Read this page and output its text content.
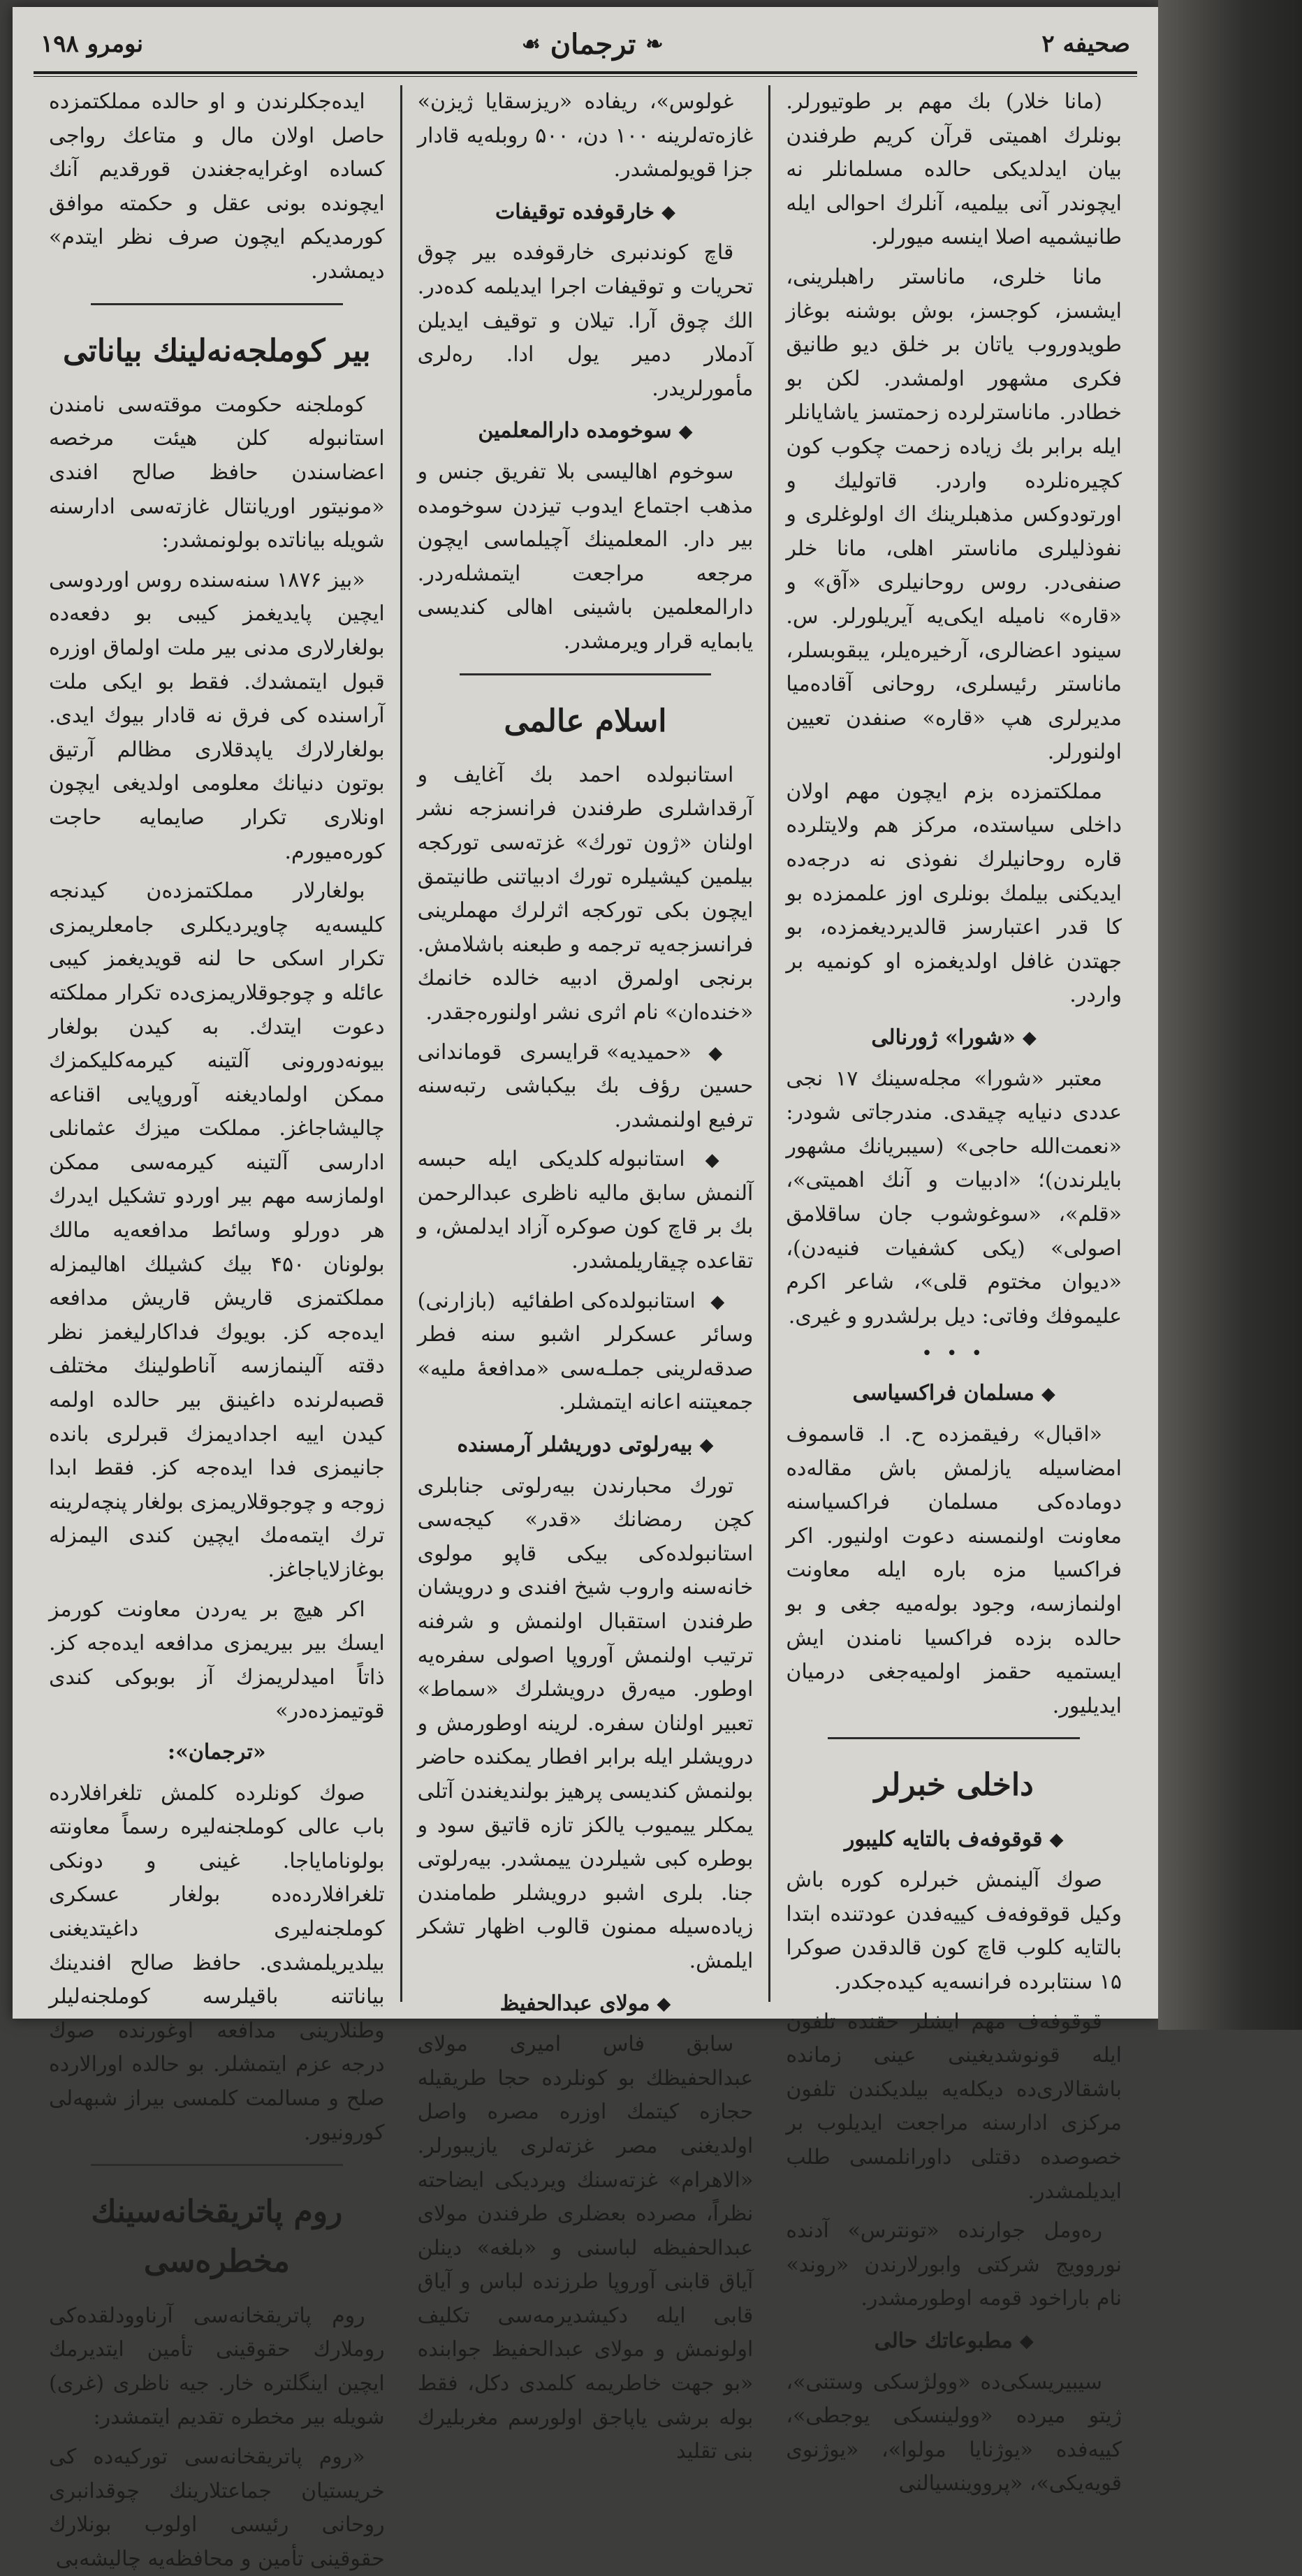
صحیفه ۲
❧
ترجمان
☙
نومرو ۱۹۸

(مانا خلار) بك مهم بر طوتیورلر. بونلرك اهمیتی قرآن کریم طرفندن بیان ایدلدیکی حالده مسلمانلر نه ایچوندر آنی بیلمیه، آنلرك احوالی ایله طانیشمیه اصلا اینسه میورلر.

مانا خلری، ماناستر راهبلرینی، ایشسز، کوجسز، بوش بوشنه بوغاز طویدوروب یاتان بر خلق دیو طانیق فکری مشهور اولمشدر. لکن بو خطادر. ماناسترلرده زحمتسز یاشایانلر ایله برابر بك زیاده زحمت چکوب کون کچیره‌نلرده واردر. قاتولیك و اورتودوکس مذهبلرینك اك اولوغلری و نفوذلیلری ماناستر اهلی، مانا خلر صنفی‌در. روس روحانیلری «آق» و «قاره» نامیله ایکی‌یه آیریلورلر. س. سینود اعضالری، آرخیره‌یلر، یبقوبسلر، ماناستر رئیسلری، روحانی آقاده‌میا مدیرلری هپ «قاره» صنفدن تعیین اولنورلر.

مملکتمزده بزم ایچون مهم اولان داخلی سیاستده، مرکز هم ولایتلرده قاره روحانیلرك نفوذی نه درجه‌ده ایدیکنی بیلمك بونلری اوز علممزده بو کا قدر اعتبارسز قالدیردیغمزده، بو جهتدن غافل اولدیغمزه او کونمیه بر واردر.

◆
«شورا» ژورنالی

معتبر «شورا» مجله‌سینك ۱۷ نجی عددی دنیایه چیقدی. مندرجاتی شودر: «نعمت‌الله حاجی» (سیبریانك مشهور بایلرندن)؛ «ادبیات و آنك اهمیتی»، «قلم»، «سوغوشوب جان ساقلامق اصولی» (یکی کشفیات فنیه‌دن)، «دیوان مختوم قلی»، شاعر اکرم علیموفك وفاتی: دیل برلشدرو و غیری.

• • •
◆
مسلمان فراکسیاسی

«اقبال» رفیقمزده ح. ا. قاسموف امضاسیله یازلمش باش مقاله‌ده دوماده‌کی مسلمان فراکسیاسنه معاونت اولنمسنه دعوت اولنیور. اکر فراکسیا مزه باره ایله معاونت اولنمازسه، وجود بوله‌میه جغی و بو حالده بزده فراکسیا نامندن ایش ایستمیه حقمز اولمیه‌جغی درمیان ایدیلیور.

داخلی خبرلر
◆
قوقوفه‌ف بالتایه کلیبور

صوك آلینمش خبرلره کوره باش وکیل قوقوفه‌ف کییه‌فدن عودتنده ابتدا بالتایه کلوب قاچ کون قالدقدن صوکرا ۱۵ سنتابرده فرانسه‌یه کیده‌جکدر.

قوقوفه‌ف مهم ایشلر حقنده تلفون ایله قونوشدیغینی عینی زمانده باشقالاری‌ده دیکله‌یه بیلدیکندن تلفون مرکزی ادارسنه مراجعت ایدیلوب بر خصوصده دقتلی داورانلمسی طلب ایدیلمشدر.

ره‌ومل جوارنده «تونترس» آدنده نوروویج شرکتی وابورلارندن «روند» نام باراخود قومه اوطورمشدر.

◆
مطبوعاتك حالی

سیبیریسکی‌ده «وولژسکی وستنی»، ژیتو میرده «وولینسکی یوجطی»، کییه‌فده «یوژنایا مولوا»، «یوژنوی قویه‌یکی»، «پرووینسیالنی

غولوس»، ریفاده «ریزسقایا ژیزن» غازه‌ته‌لرینه ۱۰۰ دن، ۵۰۰ روبله‌یه قادار جزا قویولمشدر.

◆
خارقوفده توقیفات

قاچ کوندنبری خارقوفده بیر چوق تحریات و توقیفات اجرا ایدیلمه کده‌در. الك چوق آرا. تیلان و توقیف ایدیلن آدملار دمیر یول ادا. ره‌لری مأمورلریدر.

◆
سوخومده دارالمعلمین

سوخوم اهالیسی بلا تفریق جنس و مذهب اجتماع ایدوب تیزدن سوخومده بیر دار. المعلمینك آچیلماسی ایچون مرجعه مراجعت ایتمشله‌ردر. دارالمعلمین باشینی اهالی کندیسی یابمایه قرار ویرمشدر.

اسلام عالمی

استانبولده احمد بك آغایف و آرقداشلری طرفندن فرانسزجه نشر اولنان «ژون تورك» غزته‌سی تورکجه بیلمین کیشیلره تورك ادبیاتنی طانیتمق ایچون بکی تورکجه اثرلرك مهملرینی فرانسزجه‌یه ترجمه و طبعنه باشلامش. برنجی اولمرق ادبیه خالده خانمك «خنده‌ان» نام اثری نشر اولنوره‌جقدر.

◆ «حمیدیه» قرایسری قوماندانی حسین رؤف بك بیکباشی رتبه‌سنه ترفیع اولنمشدر.

◆ استانبوله کلدیکی ایله حبسه آلنمش سابق مالیه ناظری عبدالرحمن بك بر قاچ کون صوکره آزاد ایدلمش، و تقاعده چیقاریلمشدر.

◆ استانبولده‌کی اطفائیه (بازارنی) وسائر عسکرلر اشبو سنه فطر صدقه‌لرینی جملـه‌سی «مدافعهٔ ملیه» جمعیتنه اعانه ایتمشلر.

◆
بیه‌رلوتی دوریشلر آرمسنده

تورك محبارندن بیه‌رلوتی جنابلری کچن رمضانك «قدر» کیجه‌سی استانبولده‌کی بیکی قاپو مولوی خانه‌سنه واروب شیخ افندی و درویشان طرفندن استقبال اولنمش و شرفنه ترتیب اولنمش آوروپا اصولی سفره‌یه اوطور. میه‌رق درویشلرك «سماط» تعبیر اولنان سفره. لرینه اوطورمش و درویشلر ایله برابر افطار یمکنده حاضر بولنمش کندیسی پرهیز بولندیغندن آتلی یمکلر ییمیوب یالکز تازه قاتیق سود و بوطره کبی شیلردن ییمشدر. بیه‌رلوتی جنا. بلری اشبو درویشلر طمامندن زیاده‌سیله ممنون قالوب اظهار تشکر ایلمش.

◆
مولای عبدالحفیظ

سابق فاس امیری مولای عبدالحفیظك بو کونلرده حجا طریقیله حجازه کیتمك اوزره مصره واصل اولدیغنی مصر غزته‌لری یازیبورلر. «الاهرام» غزته‌سنك ویردیکی ایضاحته نظراً، مصرده بعضلری طرفندن مولای عبدالحفیظه لباسنی و «بلغه» دینلن آیاق قابنی آوروپا طرزنده لباس و آیاق قابی ایله دکیشدیرمه‌سی تکلیف اولونمش و مولای عبدالحفیظ جوابنده «بو جهت خاطریمه کلمدی دکل، فقط بوله برشی یاپاجق اولورسم مغربلیرك بنی تقلید

ایده‌جکلرندن و او حالده مملکتمزده حاصل اولان مال و متاعك رواجی کساده اوغرایه‌جغندن قورقدیم آنك ایچونده بونی عقل و حکمته موافق کورمدیکم ایچون صرف نظر ایتدم» دیمشدر.

بیر کوملجه‌نه‌لینك بیاناتی

کوملجنه حکومت موقته‌سی نامندن استانبوله کلن هیئت مرخصه اعضاسندن حافظ صالح افندی «مونیتور اوریانتال غازته‌سی ادارسنه شویله بیاناتده بولونمشدر:

«بیز ۱۸۷۶ سنه‌سنده روس اوردوسی ایچین پایدیغمز کیبی بو دفعه‌ده بولغارلاری مدنی بیر ملت اولماق اوزره قبول ایتمشدك. فقط بو ایکی ملت آراسنده کی فرق نه قادار بیوك ایدی. بولغارلارك یاپدقلاری مظالم آرتیق بوتون دنیانك معلومی اولدیغی ایچون اونلاری تکرار صایمایه حاجت کوره‌میورم.

بولغارلار مملکتمزده‌ن کیدنجه کلیسه‌یه چاویردیکلری جامعلریمزی تکرار اسکی حا لنه قویدیغمز کیبی عائله و چوجوقلاریمزی‌ده تکرار مملکته دعوت ایتدك. به کیدن بولغار بیونه‌دورونی آلتینه کیرمه‌کلیکمزك ممکن اولمادیغنه آوروپایی اقناعه چالیشاجاغز. مملکت میزك عثمانلی ادارسی آلتینه کیرمه‌سی ممکن اولمازسه مهم بیر اوردو تشکیل ایدرك هر دورلو وسائط مدافعه‌یه مالك بولونان ۴۵۰ بیك کشیلك اهالیمزله مملکتمزی قاریش قاریش مدافعه ایده‌جه کز. بویوك فداکارلیغمز نظر دقته آلینمازسه آناطولینك مختلف قصبه‌لرنده داغینق بیر حالده اولمه کیدن اییه اجدادیمزك قبرلری بانده جانیمزی فدا ایده‌جه کز. فقط ابدا زوجه و چوجوقلاریمزی بولغار پنچه‌لرینه ترك ایتمه‌مك ایچین کندی الیمزله بوغازلایاجاغز.

اکر هیچ بر یه‌ردن معاونت کورمز ایسك بیر بیریمزی مدافعه ایده‌جه کز. ذاتاً امیدلریمزك آز بوبوکی کندی قوتیمزده‌در»

«ترجمان»:

صوك کونلرده کلمش تلغرافلارده باب عالی کوملجنه‌لیره رسماً معاونته بولونامایاجا. غینی و دونکی تلغرافلارده‌ده بولغار عسکری کوملجنه‌لیری داغیتدیغنی بیلدیریلمشدی. حافظ صالح افندینك بیاناتنه باقیلرسه کوملجنه‌لیلر وطنلارینی مدافعه اوغورنده صوك درجه عزم ایتمشلر. بو حالده اورالارده صلح و مسالمت کلمسی بیراز شبهه‌لی کورونیور.

روم پاتریقخانه‌سینك مخطره‌سی

روم پاتریقخانه‌سی آرناوودلقده‌کی روملارك حقوقینی تأمین ایتدیرمك ایچین اینگلتره خار. جیه ناظری (غری) شویله بیر مخطره تقدیم ایتمشدر:

«روم پاتریقخانه‌سی تورکیه‌ده کی خریستیان جماعتلارینك چوقدانبری روحانی رئیسی اولوب بونلارك حقوقینی تأمین و محافظه‌یه چالیشه‌بی
